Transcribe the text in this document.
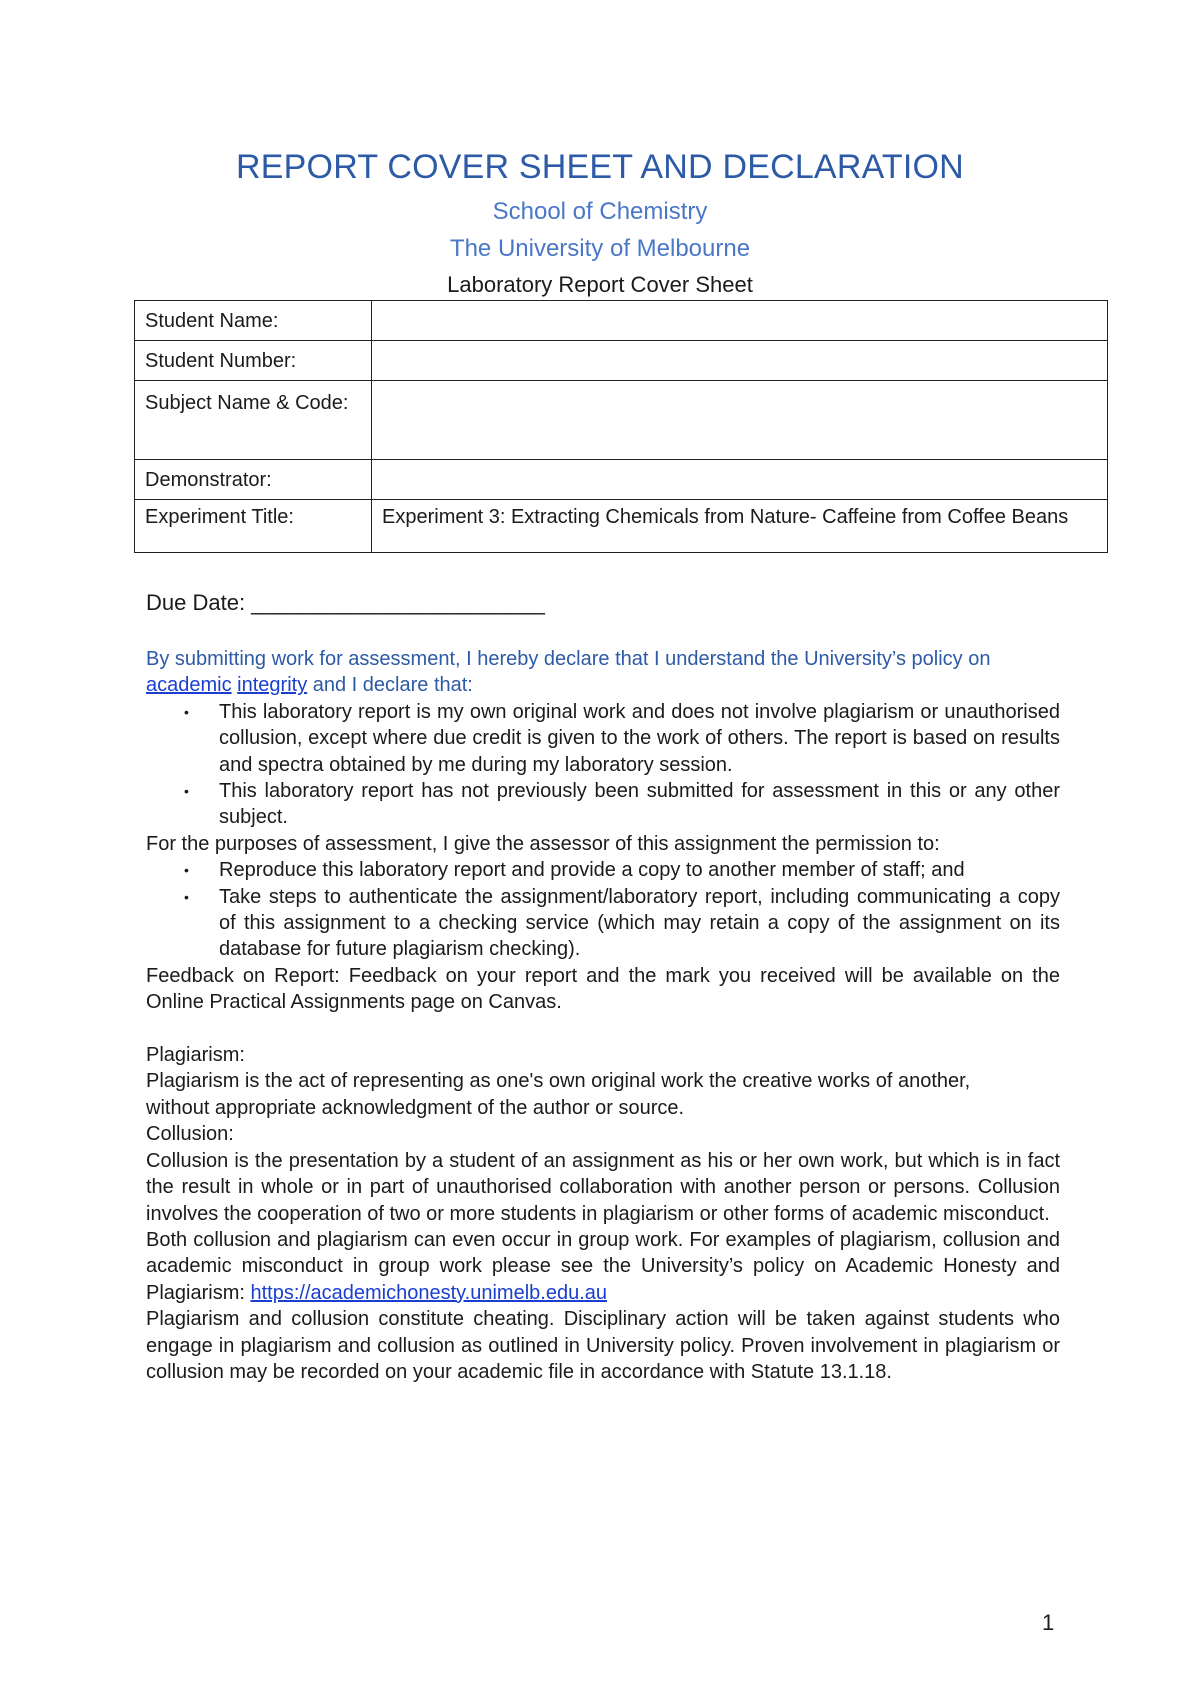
REPORT COVER SHEET AND DECLARATION
School of Chemistry
The University of Melbourne
Laboratory Report Cover Sheet
Student Name:	
Student Number:	
Subject Name & Code:	
Demonstrator:	
Experiment Title:	Experiment 3: Extracting Chemicals from Nature- Caffeine from Coffee Beans
Due Date: ________________________
By submitting work for assessment, I hereby declare that I understand the University’s policy on academic integrity and I declare that:
• This laboratory report is my own original work and does not involve plagiarism or unauthorised collusion, except where due credit is given to the work of others. The report is based on results and spectra obtained by me during my laboratory session.
• This laboratory report has not previously been submitted for assessment in this or any other subject.
For the purposes of assessment, I give the assessor of this assignment the permission to:
• Reproduce this laboratory report and provide a copy to another member of staff; and
• Take steps to authenticate the assignment/laboratory report, including communicating a copy of this assignment to a checking service (which may retain a copy of the assignment on its database for future plagiarism checking).
Feedback on Report: Feedback on your report and the mark you received will be available on the Online Practical Assignments page on Canvas.
Plagiarism:
Plagiarism is the act of representing as one's own original work the creative works of another, without appropriate acknowledgment of the author or source.
Collusion:
Collusion is the presentation by a student of an assignment as his or her own work, but which is in fact the result in whole or in part of unauthorised collaboration with another person or persons. Collusion involves the cooperation of two or more students in plagiarism or other forms of academic misconduct.
Both collusion and plagiarism can even occur in group work. For examples of plagiarism, collusion and academic misconduct in group work please see the University’s policy on Academic Honesty and Plagiarism: https://academichonesty.unimelb.edu.au
Plagiarism and collusion constitute cheating. Disciplinary action will be taken against students who engage in plagiarism and collusion as outlined in University policy. Proven involvement in plagiarism or collusion may be recorded on your academic file in accordance with Statute 13.1.18.
1
